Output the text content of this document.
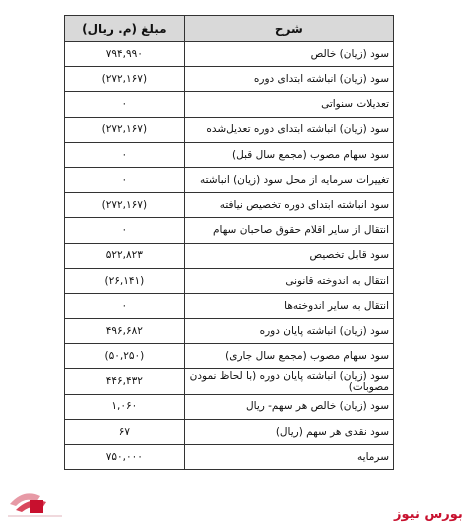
شرح	مبلغ (م. ریال)
سود (زیان) خالص	۷۹۴,۹۹۰
سود (زیان) انباشته ابتدای دوره	(۲۷۲,۱۶۷)
تعدیلات سنواتی	۰
سود (زیان) انباشته ابتدای دوره تعدیل‌شده	(۲۷۲,۱۶۷)
سود سهام مصوب (مجمع سال قبل)	۰
تغییرات سرمایه از محل سود (زیان) انباشته	۰
سود انباشته ابتدای دوره تخصیص نیافته	(۲۷۲,۱۶۷)
انتقال از سایر اقلام حقوق صاحبان سهام	۰
سود قابل تخصیص	۵۲۲,۸۲۳
انتقال به اندوخته قانونی	(۲۶,۱۴۱)
انتقال به سایر اندوخته‌ها	۰
سود (زیان) انباشته پایان دوره	۴۹۶,۶۸۲
سود سهام مصوب (مجمع سال جاری)	(۵۰,۲۵۰)
سود (زیان) انباشته پایان دوره (با لحاظ نمودن مصوبات)	۴۴۶,۴۳۲
سود (زیان) خالص هر سهم- ریال	۱,۰۶۰
سود نقدی هر سهم (ریال)	۶۷
سرمایه	۷۵۰,۰۰۰
بورس نیوز
